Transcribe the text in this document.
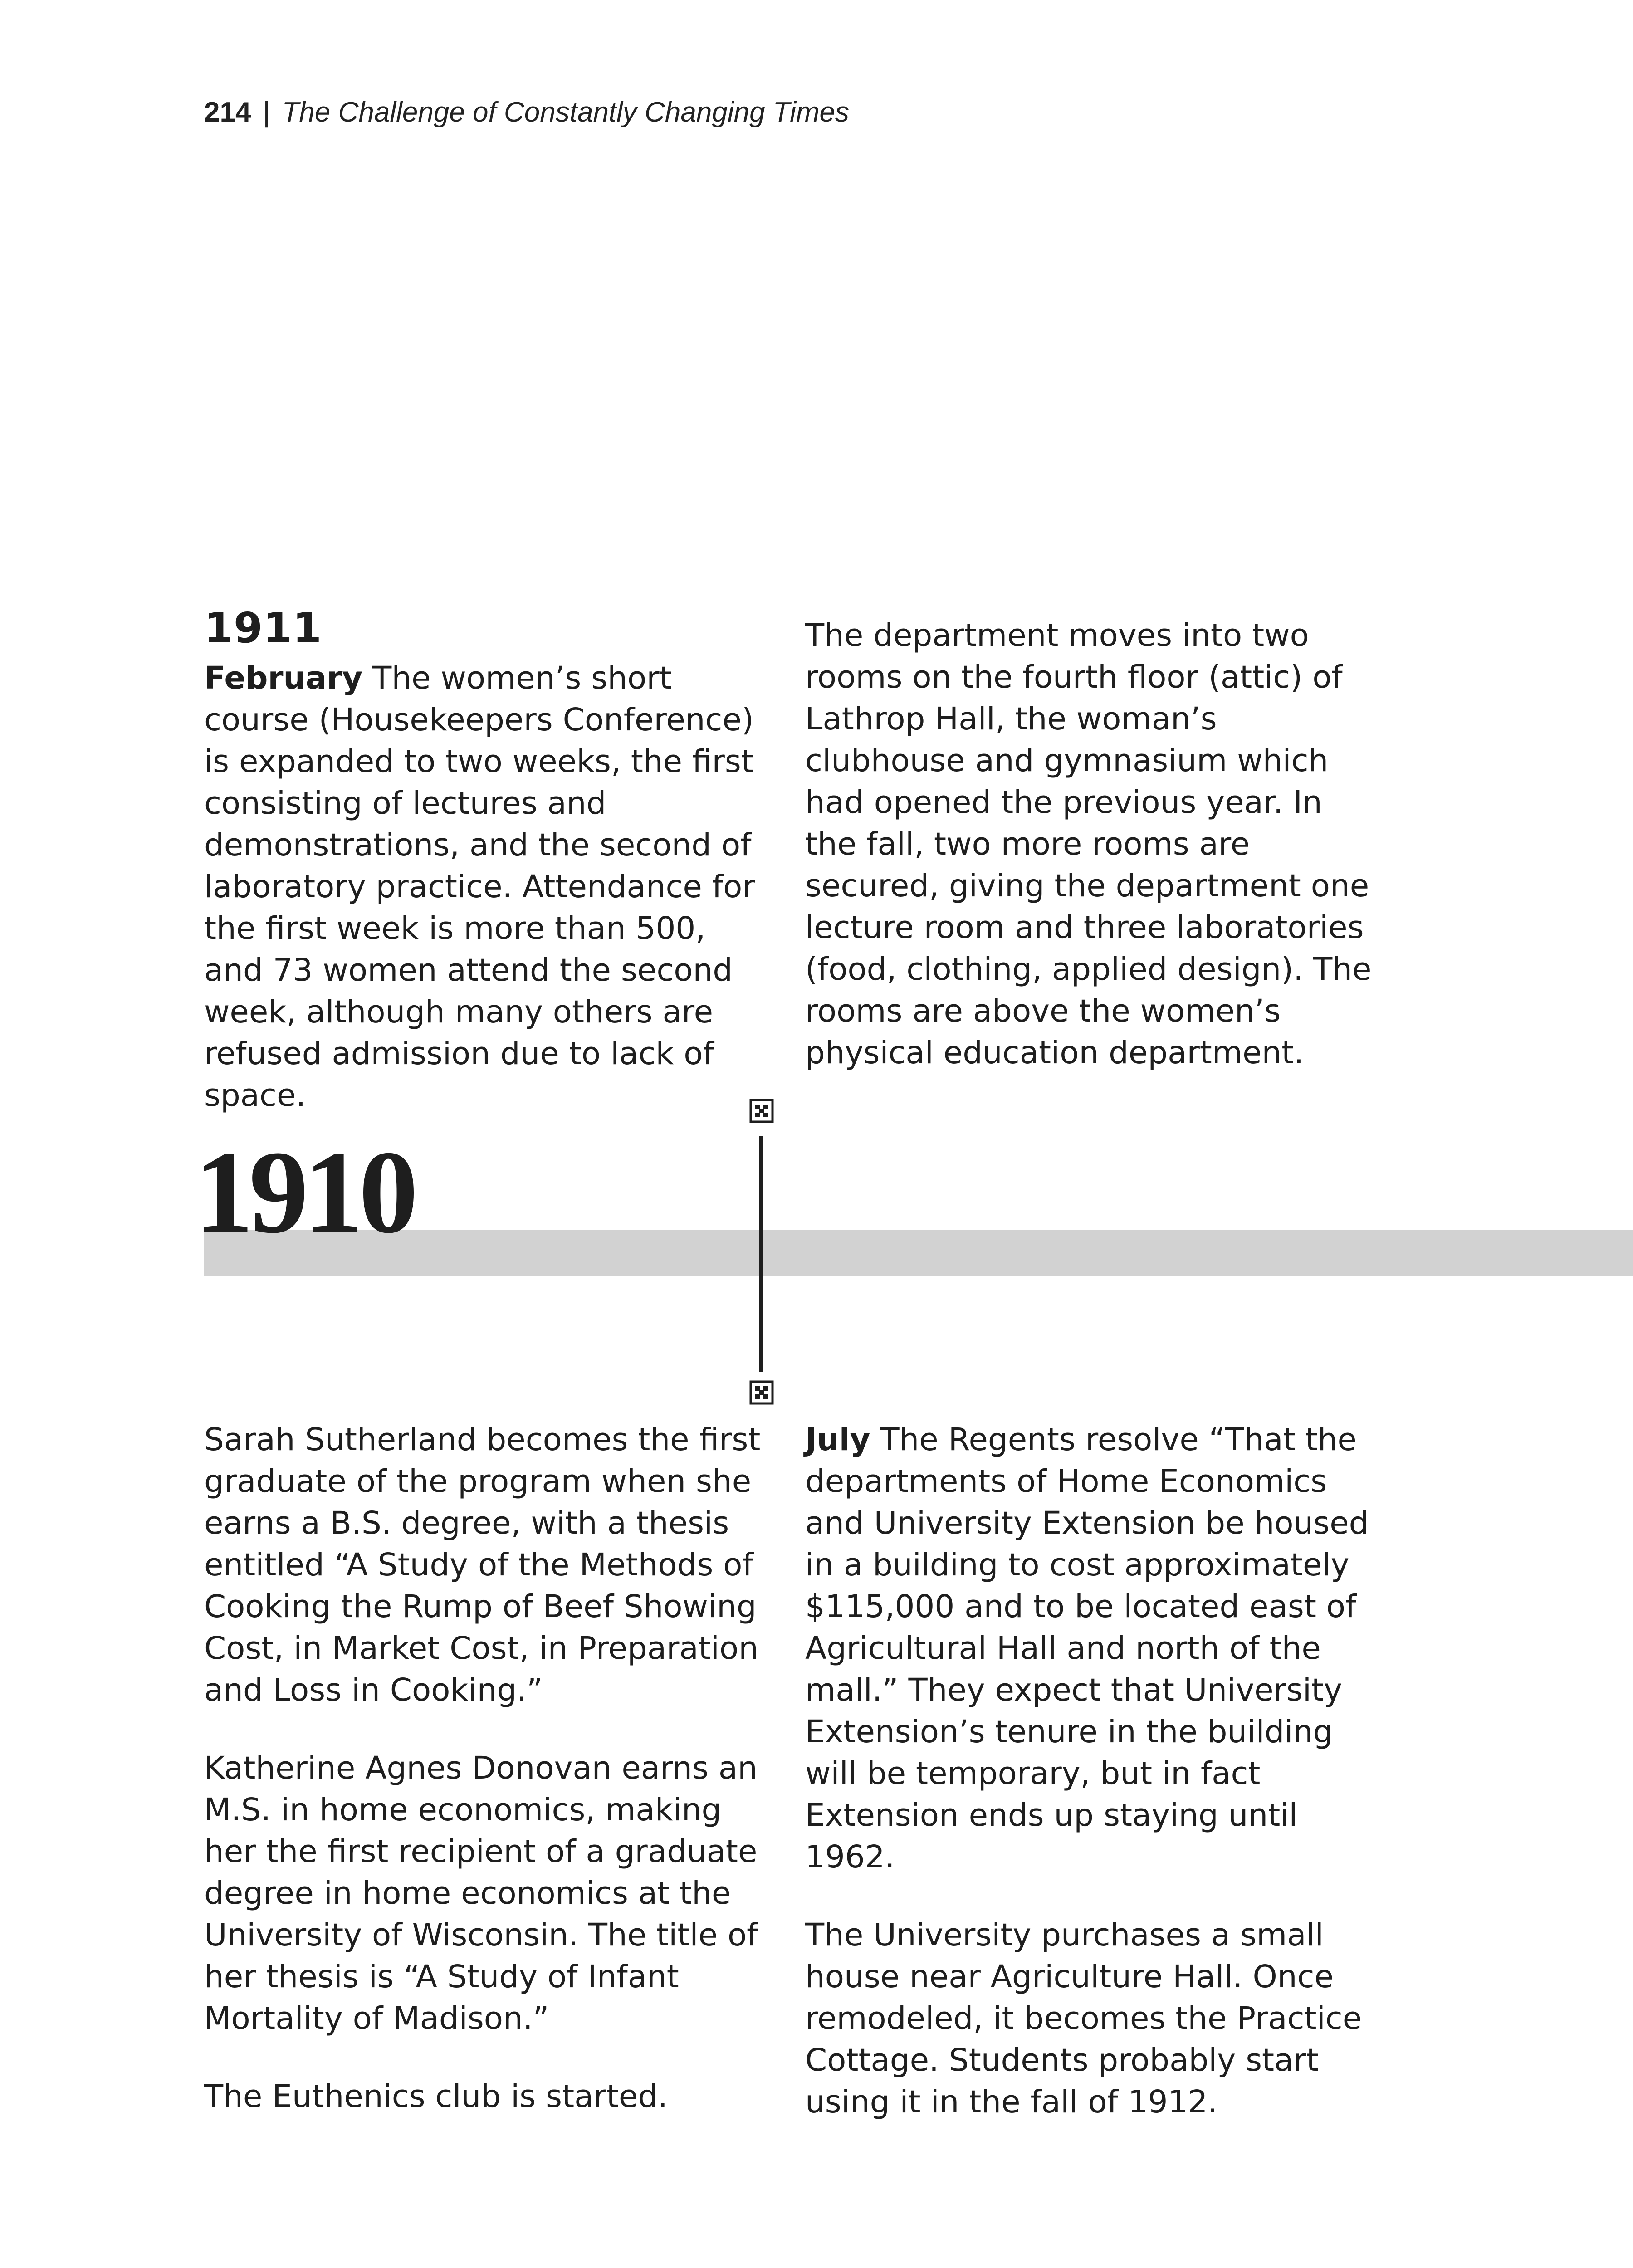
214 | The Challenge of Constantly Changing Times
1911

February The women’s short course (Housekeepers Conference) is expanded to two weeks, the first consisting of lectures and demonstrations, and the second of laboratory practice. Attendance for the first week is more than 500, and 73 women attend the second week, although many others are refused admission due to lack of space.

The department moves into two rooms on the fourth floor (attic) of Lathrop Hall, the woman’s clubhouse and gymnasium which had opened the previous year. In the fall, two more rooms are secured, giving the department one lecture room and three laboratories (food, clothing, applied design). The rooms are above the women’s physical education department.

1910

Sarah Sutherland becomes the first graduate of the program when she earns a B.S. degree, with a thesis entitled “A Study of the Methods of Cooking the Rump of Beef Showing Cost, in Market Cost, in Preparation and Loss in Cooking.”

Katherine Agnes Donovan earns an M.S. in home economics, making her the first recipient of a graduate degree in home economics at the University of Wisconsin. The title of her thesis is “A Study of Infant Mortality of Madison.”

The Euthenics club is started.

July The Regents resolve “That the departments of Home Economics and University Extension be housed in a building to cost approximately $115,000 and to be located east of Agricultural Hall and north of the mall.” They expect that University Extension’s tenure in the building will be temporary, but in fact Extension ends up staying until 1962.

The University purchases a small house near Agriculture Hall. Once remodeled, it becomes the Practice Cottage. Students probably start using it in the fall of 1912.
